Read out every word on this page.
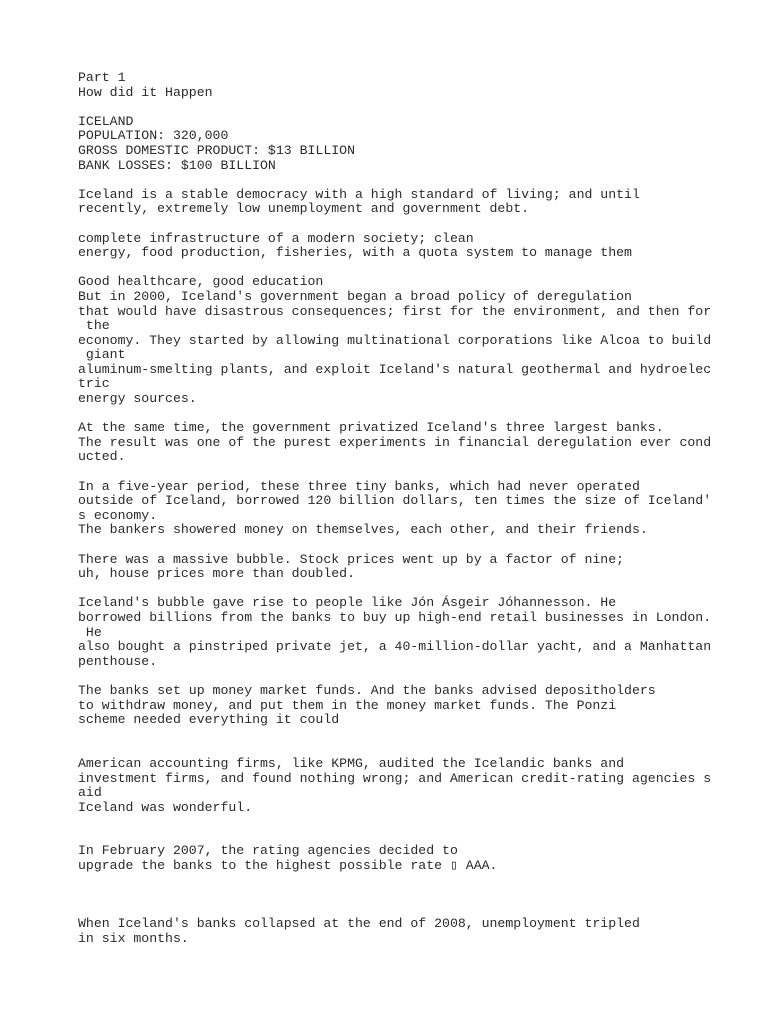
Part 1
How did it Happen
ICELAND
POPULATION: 320,000
GROSS DOMESTIC PRODUCT: $13 BILLION
BANK LOSSES: $100 BILLION
Iceland is a stable democracy with a high standard of living; and until
recently, extremely low unemployment and government debt.
complete infrastructure of a modern society; clean
energy, food production, fisheries, with a quota system to manage them
Good healthcare, good education
But in 2000, Iceland's government began a broad policy of deregulation
that would have disastrous consequences; first for the environment, and then for
the
economy. They started by allowing multinational corporations like Alcoa to build
giant
aluminum-smelting plants, and exploit Iceland's natural geothermal and hydroelec
tric
energy sources.
At the same time, the government privatized Iceland's three largest banks.
The result was one of the purest experiments in financial deregulation ever cond
ucted.
In a five-year period, these three tiny banks, which had never operated
outside of Iceland, borrowed 120 billion dollars, ten times the size of Iceland'
s economy.
The bankers showered money on themselves, each other, and their friends.
There was a massive bubble. Stock prices went up by a factor of nine;
uh, house prices more than doubled.
Iceland's bubble gave rise to people like Jón Ásgeir Jóhannesson. He
borrowed billions from the banks to buy up high-end retail businesses in London.
He
also bought a pinstriped private jet, a 40-million-dollar yacht, and a Manhattan
penthouse.
The banks set up money market funds. And the banks advised depositholders
to withdraw money, and put them in the money market funds. The Ponzi
scheme needed everything it could
American accounting firms, like KPMG, audited the Icelandic banks and
investment firms, and found nothing wrong; and American credit-rating agencies s
aid
Iceland was wonderful.
In February 2007, the rating agencies decided to
upgrade the banks to the highest possible rate ▯ AAA.
When Iceland's banks collapsed at the end of 2008, unemployment tripled
in six months.
